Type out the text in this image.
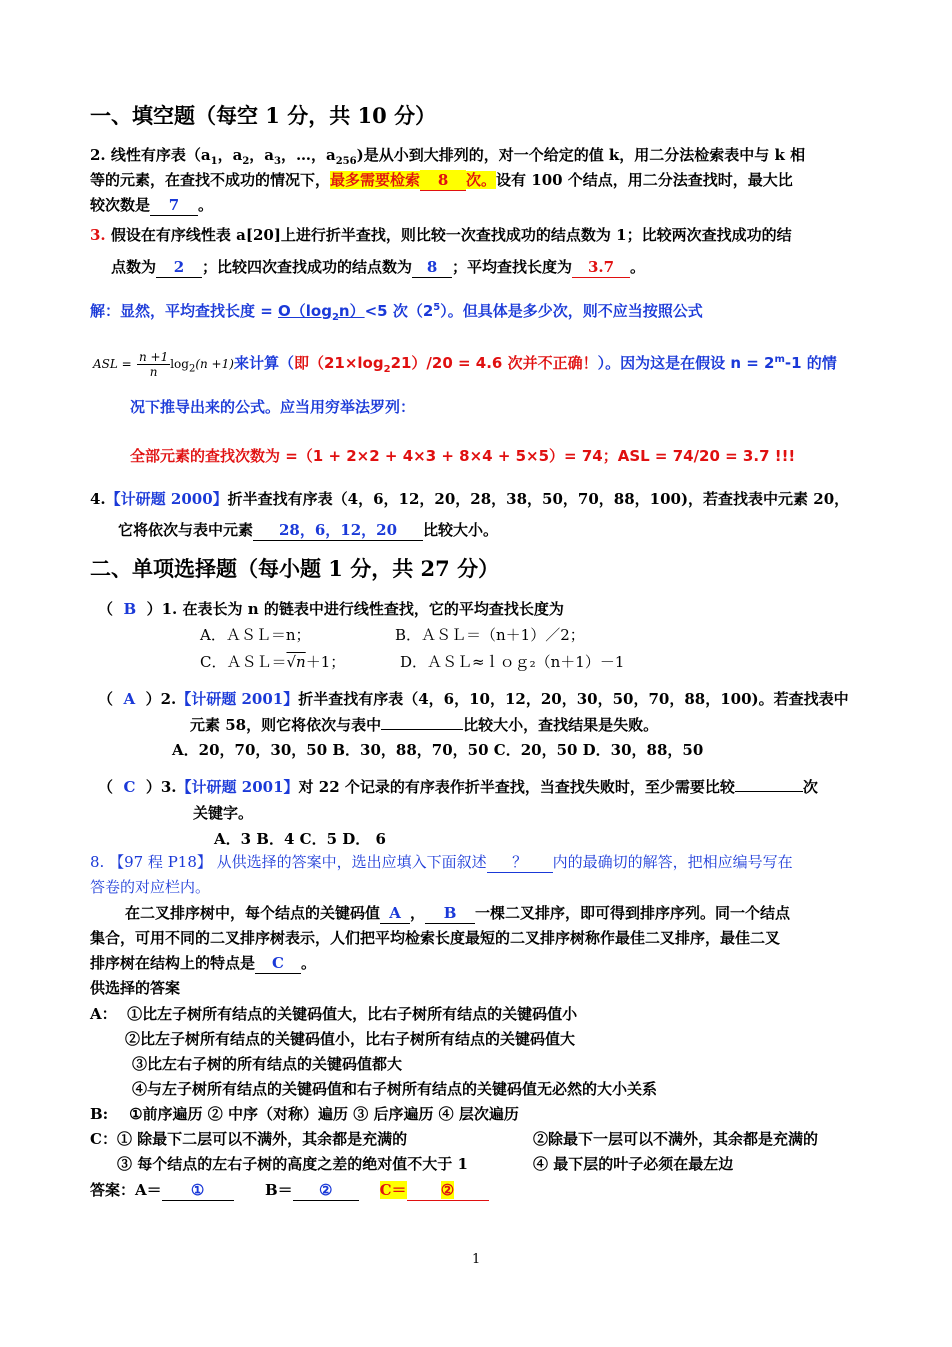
一、填空题（每空 1 分，共 10 分）
2. 线性有序表（$a_1$，$a_2$，$a_3$，…，$a_{256}$)是从小到大排列的，对一个给定的值 k，用二分法检索表中与 k 相
等的元素，在查找不成功的情况下，最多需要检索 8 次。设有 100 个结点，用二分法查找时，最大比
较次数是 7 。
3. 假设在有序线性表 a[20]上进行折半查找，则比较一次查找成功的结点数为 1；比较两次查找成功的结
点数为 2 ；比较四次查找成功的结点数为 8 ；平均查找长度为 3.7 。
解：显然，平均查找长度 = $O(\log_2n)<5$ 次$(2^5)$。但具体是多少次，则不应当按照公式
ASL = $\frac{n +1}{n} \log_2(n +1)$来计算（即$(21\times\log_221)/20 = 4.6$ 次并不正确！）。因为这是在假设 $n = 2^m-1$ 的情
况下推导出来的公式。应当用穷举法罗列：
全部元素的查找次数为 =（1 + 2×2 + 4×3 + 8×4 + 5×5）= 74；ASL = 74/20 = 3.7 !!!
4.【计研题 2000】折半查找有序表（4，6，12，20，28，38，50，70，88，100)，若查找表中元素 20，
它将依次与表中元素 28，6，12，20 比较大小。
二、单项选择题（每小题 1 分，共 27 分）
（ B ）1. 在表长为 n 的链表中进行线性查找，它的平均查找长度为
A．ＡＳＬ＝n；	B．ＡＳＬ＝（n＋1）／2；
C．ＡＳＬ＝√n＋1；	D．ＡＳＬ≈ｌｏｇ₂（n＋1）－1
（ A ）2.【计研题 2001】折半查找有序表（4，6，10，12，20，30，50，70，88，100)。若查找表中
元素 58，则它将依次与表中	比较大小，查找结果是失败。
A．20，70，30，50 B．30，88，70，50 C．20，50 D．30，88，50
（ C ）3.【计研题 2001】对 22 个记录的有序表作折半查找，当查找失败时，至少需要比较	次
关键字。
A．3 B．4 C．5 D． 6
8. 【97 程 P18】 从供选择的答案中，选出应填入下面叙述 ？ 内的最确切的解答，把相应编号写在
答卷的对应栏内。
在二叉排序树中，每个结点的关键码值 A ， B 一棵二叉排序，即可得到排序序列。同一个结点
集合，可用不同的二叉排序树表示，人们把平均检索长度最短的二叉排序树称作最佳二叉排序，最佳二叉
排序树在结构上的特点是 C 。
供选择的答案
A： ①比左子树所有结点的关键码值大，比右子树所有结点的关键码值小
②比左子树所有结点的关键码值小，比右子树所有结点的关键码值大
③比左右子树的所有结点的关键码值都大
④与左子树所有结点的关键码值和右子树所有结点的关键码值无必然的大小关系
B: ①前序遍历 ② 中序（对称）遍历 ③ 后序遍历 ④ 层次遍历
C：① 除最下二层可以不满外，其余都是充满的	②除最下一层可以不满外，其余都是充满的
③ 每个结点的左右子树的高度之差的绝对值不大于 1	④ 最下层的叶子必须在最左边
答案：A＝ ①	B＝ ②	C＝ ②
1
